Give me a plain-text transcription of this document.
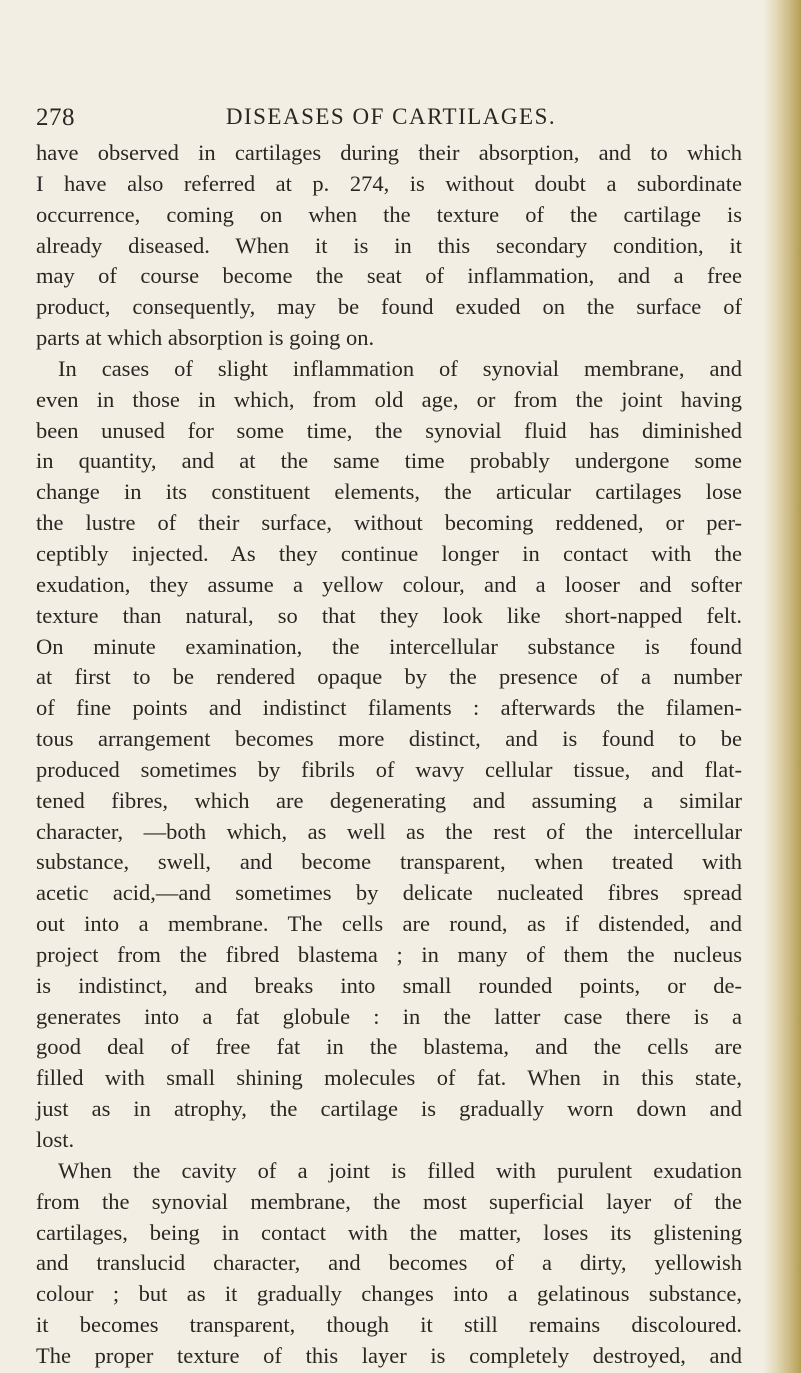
278	DISEASES OF CARTILAGES.
have observed in cartilages during their absorption, and to which
I have also referred at p. 274, is without doubt a subordinate
occurrence, coming on when the texture of the cartilage is
already diseased. When it is in this secondary condition, it
may of course become the seat of inflammation, and a free
product, consequently, may be found exuded on the surface of
parts at which absorption is going on.
In cases of slight inflammation of synovial membrane, and
even in those in which, from old age, or from the joint having
been unused for some time, the synovial fluid has diminished
in quantity, and at the same time probably undergone some
change in its constituent elements, the articular cartilages lose
the lustre of their surface, without becoming reddened, or per-
ceptibly injected. As they continue longer in contact with the
exudation, they assume a yellow colour, and a looser and softer
texture than natural, so that they look like short-napped felt.
On minute examination, the intercellular substance is found
at first to be rendered opaque by the presence of a number
of fine points and indistinct filaments : afterwards the filamen-
tous arrangement becomes more distinct, and is found to be
produced sometimes by fibrils of wavy cellular tissue, and flat-
tened fibres, which are degenerating and assuming a similar
character, —both which, as well as the rest of the intercellular
substance, swell, and become transparent, when treated with
acetic acid,—and sometimes by delicate nucleated fibres spread
out into a membrane. The cells are round, as if distended, and
project from the fibred blastema ; in many of them the nucleus
is indistinct, and breaks into small rounded points, or de-
generates into a fat globule : in the latter case there is a
good deal of free fat in the blastema, and the cells are
filled with small shining molecules of fat. When in this state,
just as in atrophy, the cartilage is gradually worn down and
lost.
When the cavity of a joint is filled with purulent exudation
from the synovial membrane, the most superficial layer of the
cartilages, being in contact with the matter, loses its glistening
and translucid character, and becomes of a dirty, yellowish
colour ; but as it gradually changes into a gelatinous substance,
it becomes transparent, though it still remains discoloured.
The proper texture of this layer is completely destroyed, and
